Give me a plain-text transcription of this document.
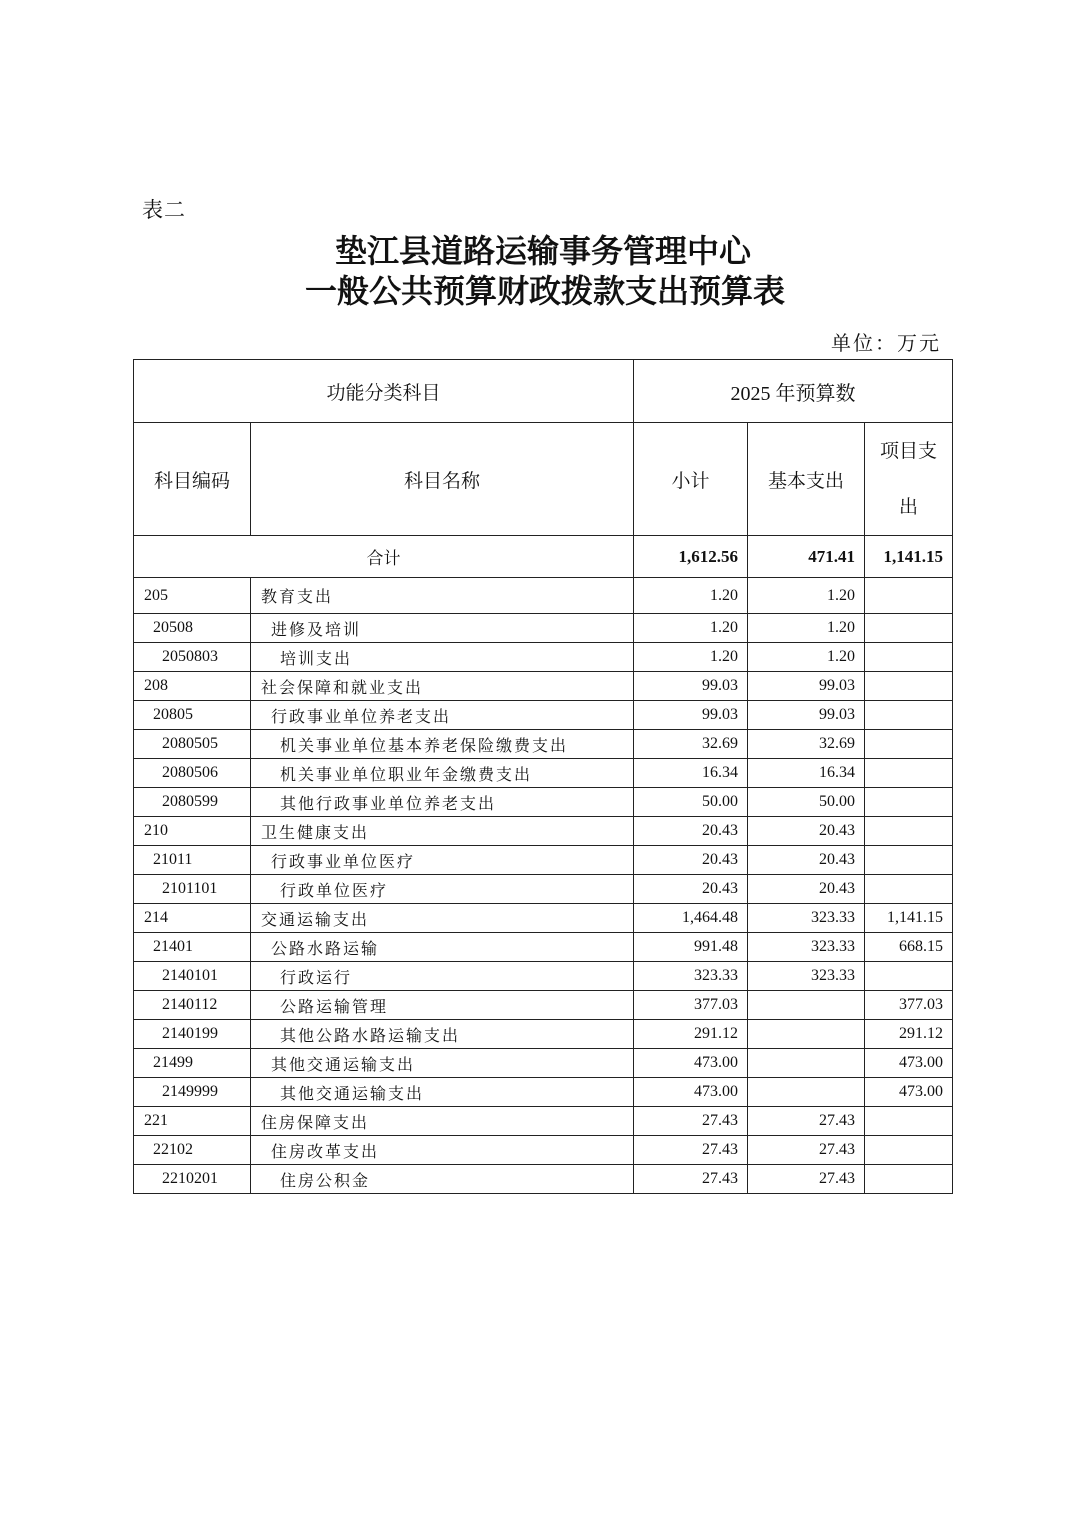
表二
垫江县道路运输事务管理中心
一般公共预算财政拨款支出预算表
单位：万元
功能分类科目		2025 年预算数		
科目编码	科目名称	小计	基本支出	项目支
出

合计		1,612.56	471.41	1,141.15
205	教育支出	1.20	1.20	
20508	进修及培训	1.20	1.20	
2050803	培训支出	1.20	1.20	
208	社会保障和就业支出	99.03	99.03	
20805	行政事业单位养老支出	99.03	99.03	
2080505	机关事业单位基本养老保险缴费支出	32.69	32.69	
2080506	机关事业单位职业年金缴费支出	16.34	16.34	
2080599	其他行政事业单位养老支出	50.00	50.00	
210	卫生健康支出	20.43	20.43	
21011	行政事业单位医疗	20.43	20.43	
2101101	行政单位医疗	20.43	20.43	
214	交通运输支出	1,464.48	323.33	1,141.15
21401	公路水路运输	991.48	323.33	668.15
2140101	行政运行	323.33	323.33	
2140112	公路运输管理	377.03		377.03
2140199	其他公路水路运输支出	291.12		291.12
21499	其他交通运输支出	473.00		473.00
2149999	其他交通运输支出	473.00		473.00
221	住房保障支出	27.43	27.43	
22102	住房改革支出	27.43	27.43	
2210201	住房公积金	27.43	27.43	
